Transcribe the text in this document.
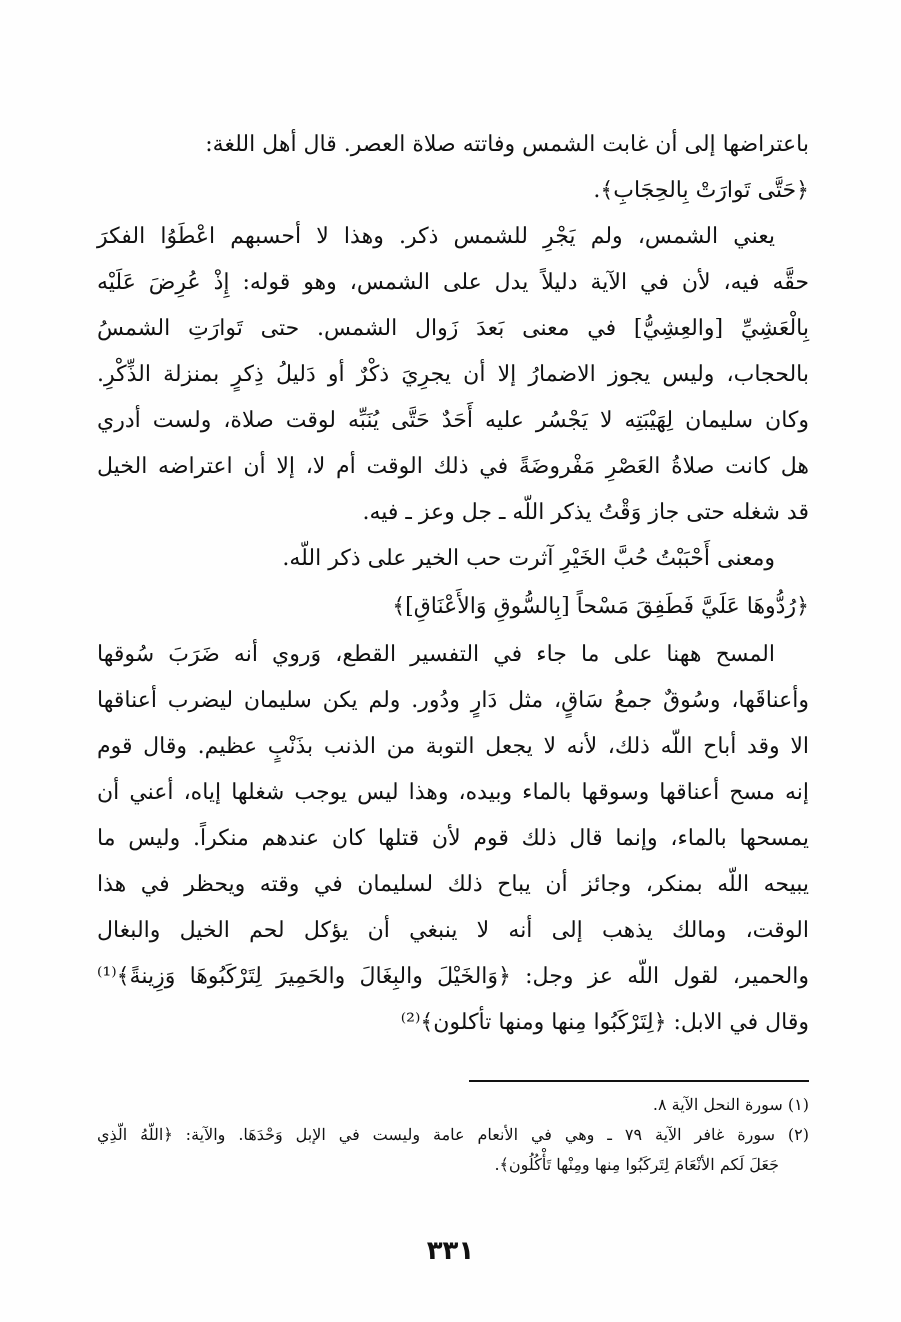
باعتراضها إلى أن غابت الشمس وفاتته صلاة العصر. قال أهل اللغة:
﴿حَتَّى تَوارَتْ بِالحِجَابِ﴾.
يعني الشمس، ولم يَجْرِ للشمس ذكر. وهذا لا أحسبهم اعْطَوُا الفكرَ
حقَّه فيه، لأن في الآية دليلاً يدل على الشمس، وهو قوله: إِذْ عُرِضَ عَلَيْه
بِالْعَشِيِّ [والعِشِيُّ] في معنى بَعدَ زَوال الشمس. حتى تَوارَتِ الشمسُ
بالحجاب، وليس يجوز الاضمارُ إلا أن يجرِيَ ذكْرٌ أو دَليلُ ذِكرٍ بمنزلة الذِّكْرِ.
وكان سليمان لِهَيْبَتِه لا يَجْسُر عليه أَحَدٌ حَتَّى يُنَبِّه لوقت صلاة، ولست أدري
هل كانت صلاةُ العَصْرِ مَفْروضَةً في ذلك الوقت أم لا، إلا أن اعتراضه الخيل
قد شغله حتى جاز وَقْتُ يذكر اللّه ـ جل وعز ـ فيه.
ومعنى أَحْبَبْتُ حُبَّ الخَيْرِ آثرت حب الخير على ذكر اللّه.
﴿رُدُّوهَا عَلَيَّ فَطَفِقَ مَسْحاً [بِالسُّوقِ وَالأَعْنَاقِ]﴾
المسح ههنا على ما جاء في التفسير القطع، وَروي أنه ضَرَبَ سُوقها
وأعناقَها، وسُوقٌ جمعُ سَاقٍ، مثل دَارٍ ودُور. ولم يكن سليمان ليضرب أعناقها
الا وقد أباح اللّه ذلك، لأنه لا يجعل التوبة من الذنب بذَنْبٍ عظيم. وقال قوم
إنه مسح أعناقها وسوقها بالماء وبيده، وهذا ليس يوجب شغلها إياه، أعني أن
يمسحها بالماء، وإنما قال ذلك قوم لأن قتلها كان عندهم منكراً. وليس ما
يبيحه اللّه بمنكر، وجائز أن يباح ذلك لسليمان في وقته ويحظر في هذا
الوقت، ومالك يذهب إلى أنه لا ينبغي أن يؤكل لحم الخيل والبغال
والحمير، لقول اللّه عز وجل: ﴿وَالخَيْلَ والبِغَالَ والحَمِيرَ لِتَرْكَبُوهَا وَزِينةً﴾⁽¹⁾
وقال في الابل: ﴿لِتَرْكَبُوا مِنها ومنها تأكلون﴾⁽²⁾
(١) سورة النحل الآية ٨.
(٢) سورة غافر الآية ٧٩ ـ وهي في الأنعام عامة وليست في الإبل وَحْدَهَا. والآية: ﴿اللّهُ الّذِي
جَعَلَ لَكم الأنْعَامَ لِتَركَبُوا مِنها ومِنْها تَأْكُلُون﴾.
٣٣١
